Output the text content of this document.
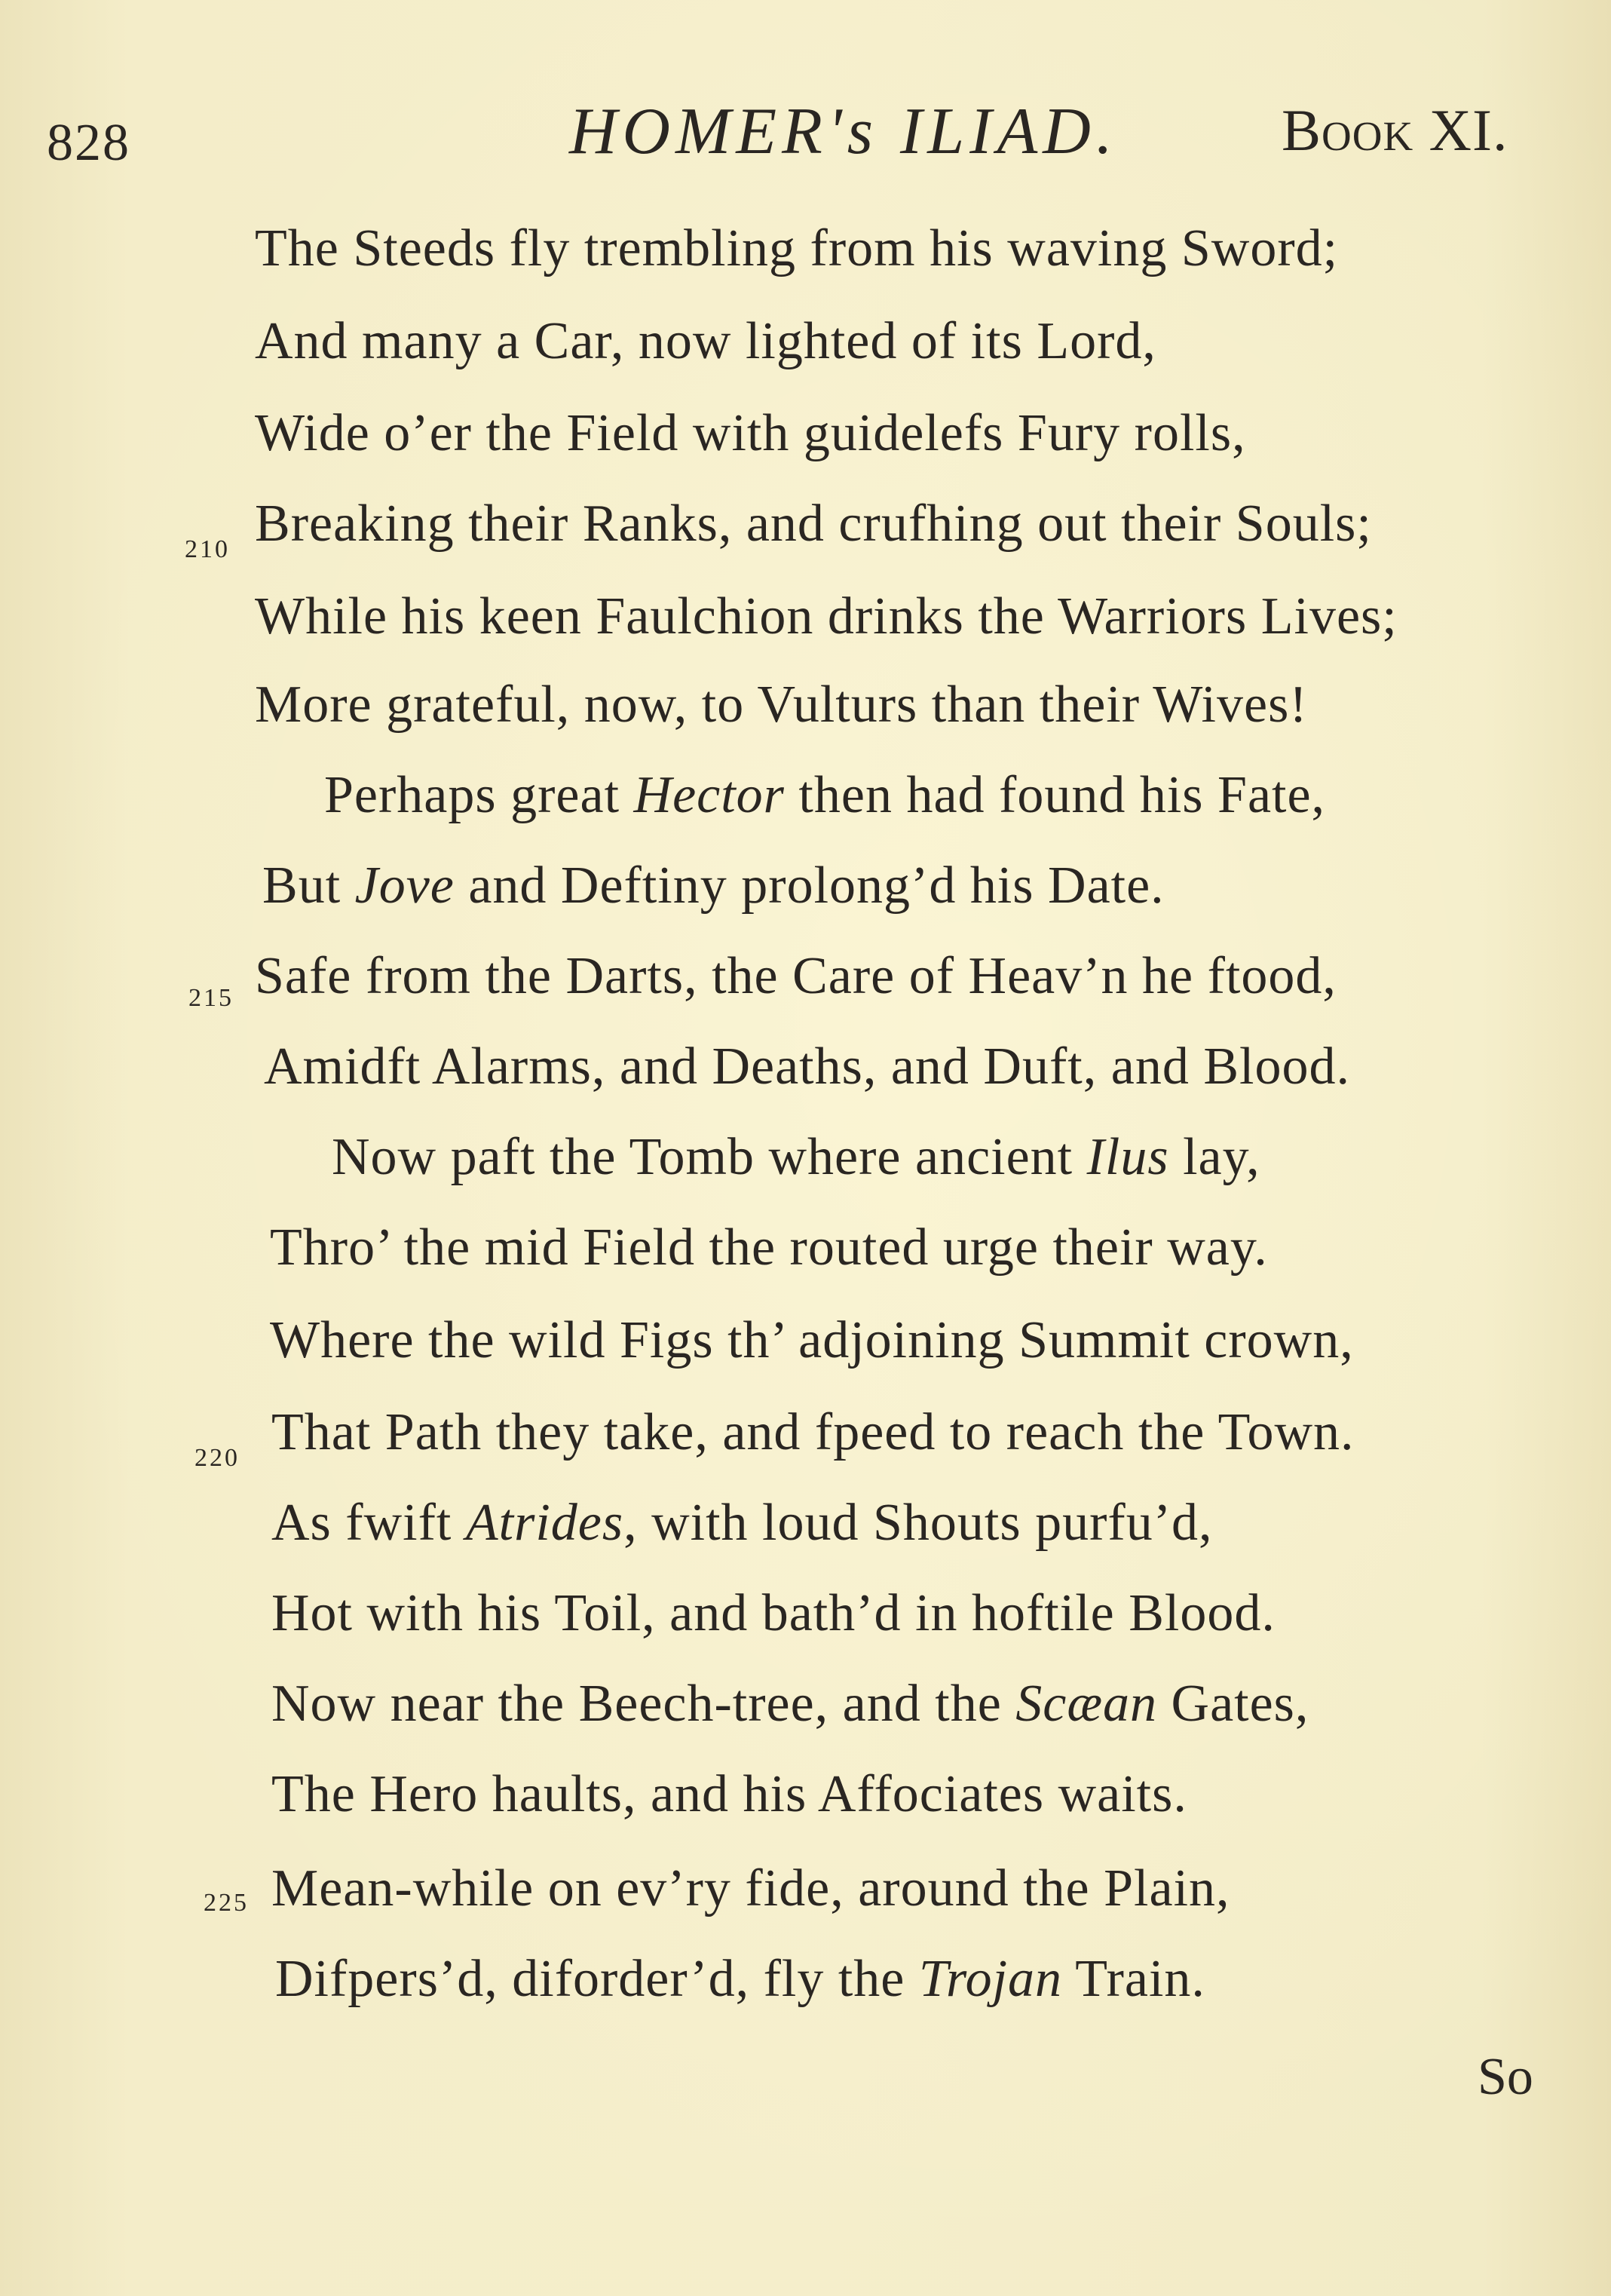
828	HOMER's ILIAD.	Book XI.
The Steeds fly trembling from his waving Sword;
And many a Car, now lighted of its Lord,
Wide o’er the Field with guidelefs Fury rolls,
210 Breaking their Ranks, and crufhing out their Souls;
While his keen Faulchion drinks the Warriors Lives;
More grateful, now, to Vulturs than their Wives!
Perhaps great Hector then had found his Fate,
But Jove and Deftiny prolong’d his Date.
215 Safe from the Darts, the Care of Heav’n he ftood,
Amidft Alarms, and Deaths, and Duft, and Blood.
Now paft the Tomb where ancient Ilus lay,
Thro’ the mid Field the routed urge their way.
Where the wild Figs th’ adjoining Summit crown,
220 That Path they take, and fpeed to reach the Town.
As fwift Atrides, with loud Shouts purfu’d,
Hot with his Toil, and bath’d in hoftile Blood.
Now near the Beech-tree, and the Scæan Gates,
The Hero haults, and his Affociates waits.
225 Mean-while on ev’ry fide, around the Plain,
Difpers’d, diforder’d, fly the Trojan Train.
So
